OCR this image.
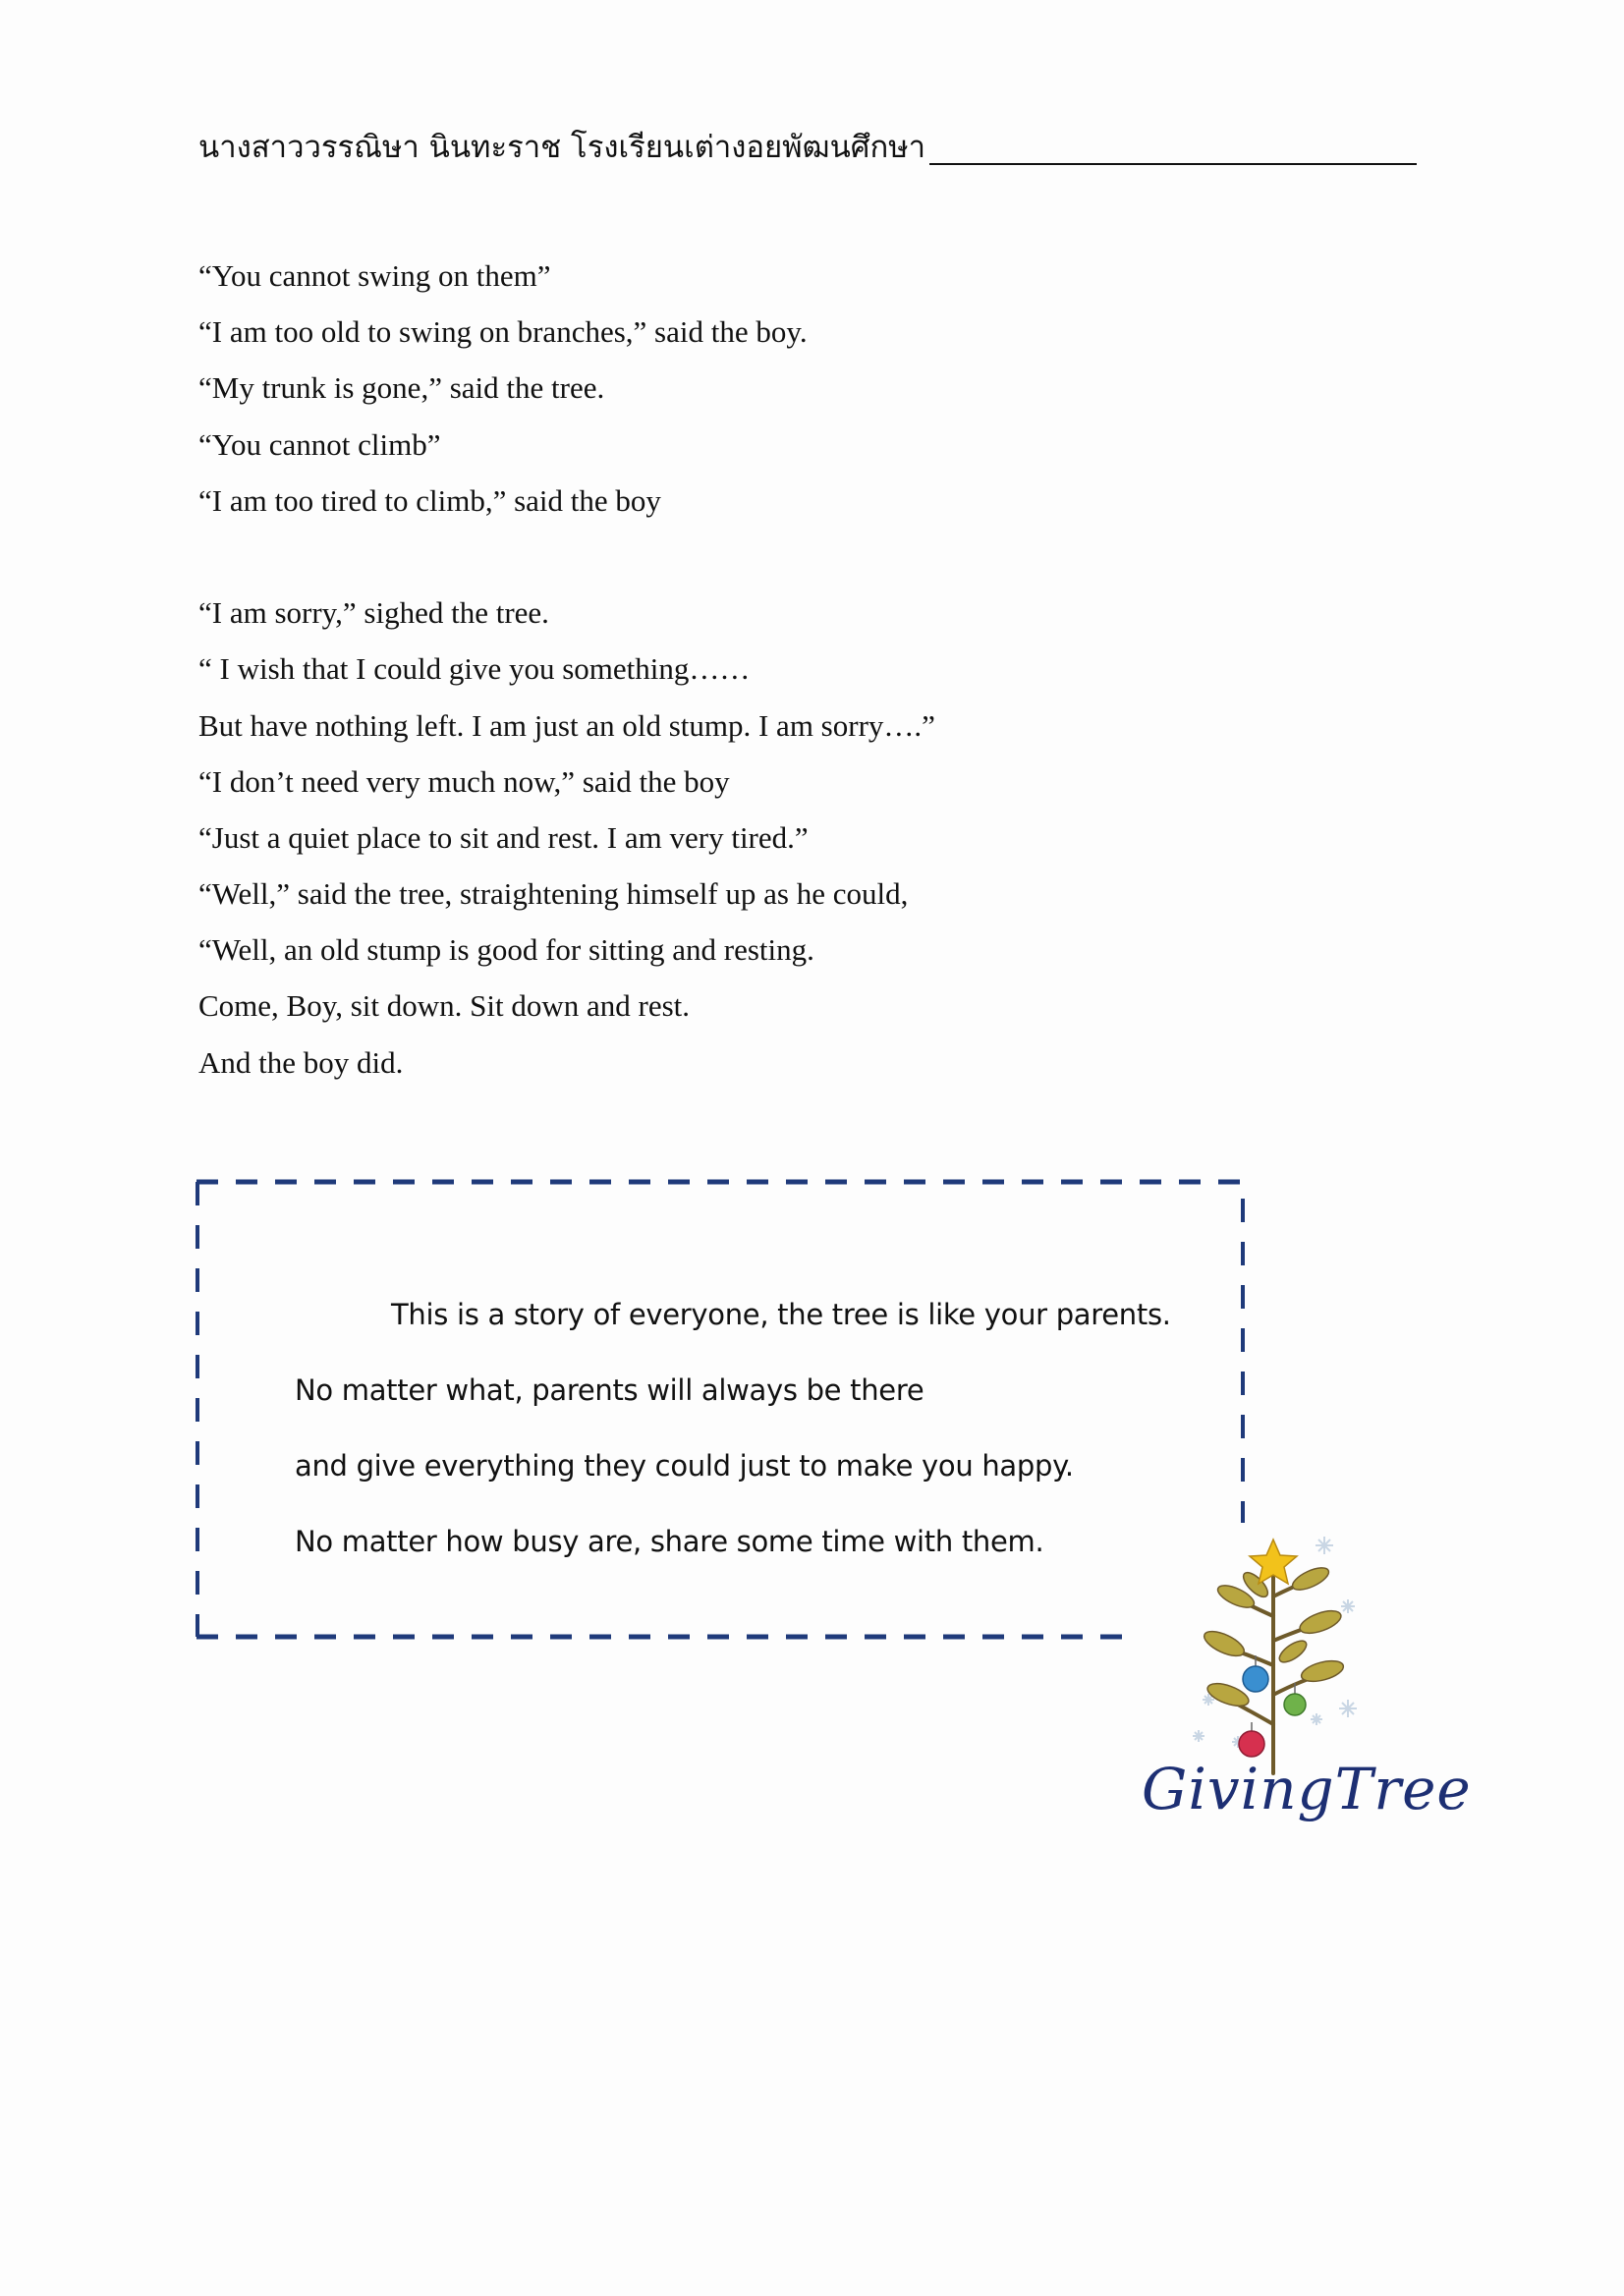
นางสาววรรณิษา นินทะราช โรงเรียนเต่างอยพัฒนศึกษา
“You cannot swing on them”
“I am too old to swing on branches,” said the boy.
“My trunk is gone,” said the tree.
“You cannot climb”
“I am too tired to climb,” said the boy
“I am sorry,” sighed the tree.
“ I wish that I could give you something……
But have nothing left. I am just an old stump. I am sorry….”
“I don’t need very much now,” said the boy
“Just a quiet place to sit and rest. I am very tired.”
“Well,” said the tree, straightening himself up as he could,
“Well, an old stump is good for sitting and resting.
Come, Boy, sit down. Sit down and rest.
And the boy did.
This is a story of everyone, the tree is like your parents.
No matter what, parents will always be there
and give everything they could just to make you happy.
No matter how busy are, share some time with them.
GivingTree
